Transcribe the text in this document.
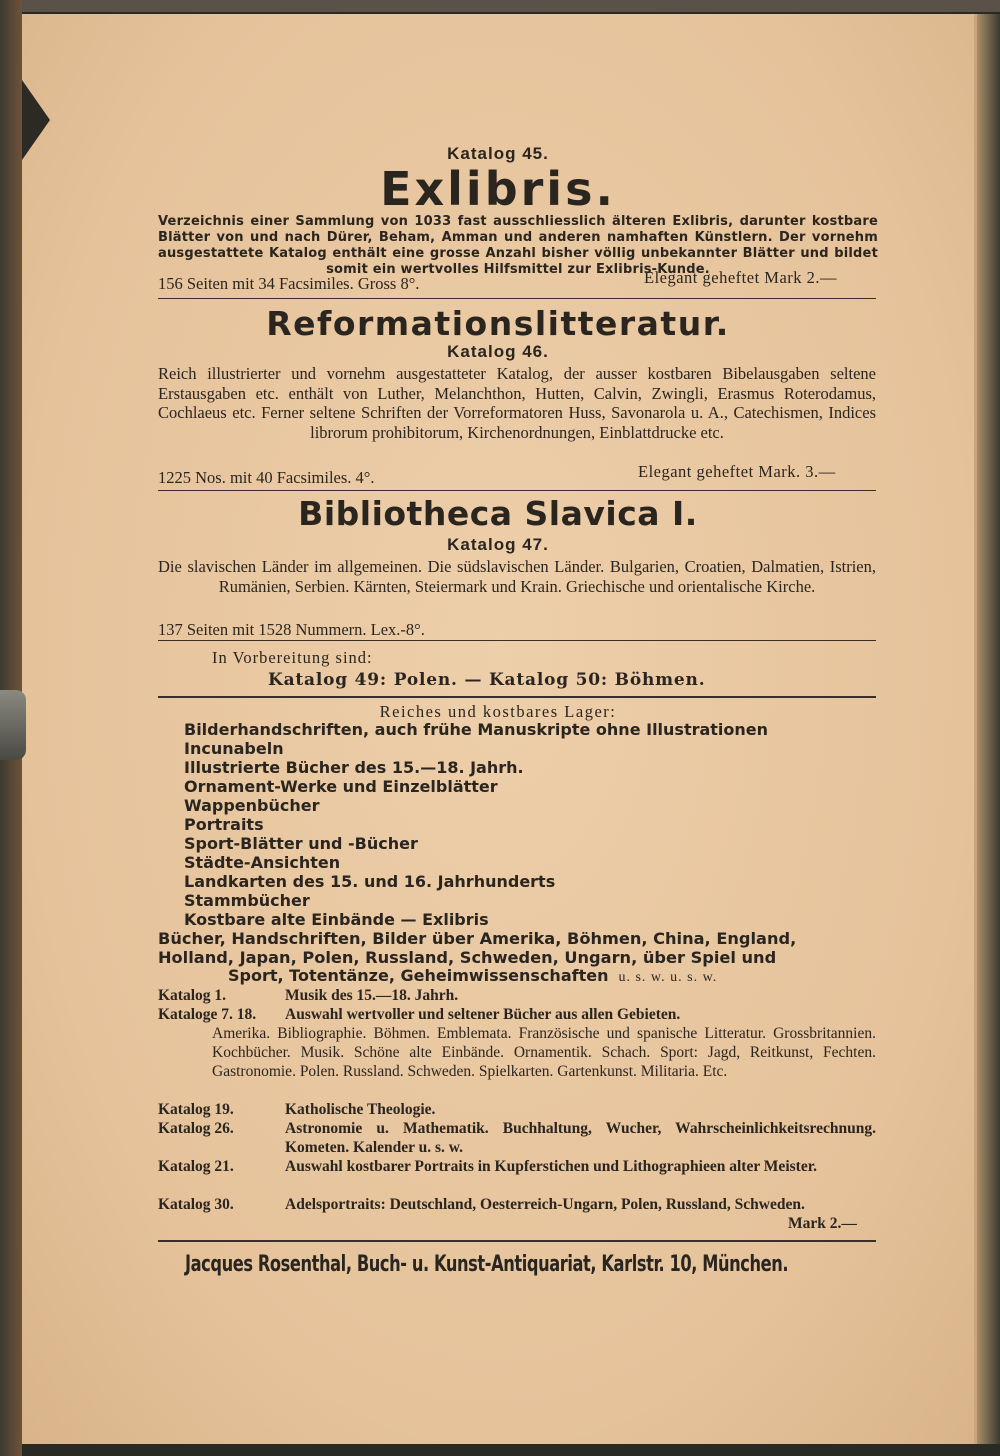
Katalog 45.
Exlibris.
Verzeichnis einer Sammlung von 1033 fast ausschliesslich älteren Exlibris, darunter kostbare Blätter von und nach Dürer, Beham, Amman und anderen namhaften Künstlern. Der vornehm ausgestattete Katalog enthält eine grosse Anzahl bisher völlig unbekannter Blätter und bildet somit ein wertvolles Hilfsmittel zur Exlibris-Kunde.
156 Seiten mit 34 Facsimiles. Gross 8°.	Elegant geheftet Mark 2.—
Reformationslitteratur.
Katalog 46.
Reich illustrierter und vornehm ausgestatteter Katalog, der ausser kostbaren Bibelausgaben seltene Erstausgaben etc. enthält von Luther, Melanchthon, Hutten, Calvin, Zwingli, Erasmus Roterodamus, Cochlaeus etc. Ferner seltene Schriften der Vorreformatoren Huss, Savonarola u. A., Catechismen, Indices librorum prohibitorum, Kirchenordnungen, Einblattdrucke etc.
1225 Nos. mit 40 Facsimiles. 4°.	Elegant geheftet Mark. 3.—
Bibliotheca Slavica I.
Katalog 47.
Die slavischen Länder im allgemeinen. Die südslavischen Länder. Bulgarien, Croatien, Dalmatien, Istrien, Rumänien, Serbien. Kärnten, Steiermark und Krain. Griechische und orientalische Kirche.
137 Seiten mit 1528 Nummern. Lex.-8°.
In Vorbereitung sind:
Katalog 49: Polen. — Katalog 50: Böhmen.
Reiches und kostbares Lager:
Bilderhandschriften, auch frühe Manuskripte ohne Illustrationen
Incunabeln
Illustrierte Bücher des 15.—18. Jahrh.
Ornament-Werke und Einzelblätter
Wappenbücher
Portraits
Sport-Blätter und -Bücher
Städte-Ansichten
Landkarten des 15. und 16. Jahrhunderts
Stammbücher
Kostbare alte Einbände — Exlibris
Bücher, Handschriften, Bilder über Amerika, Böhmen, China, England,
Holland, Japan, Polen, Russland, Schweden, Ungarn, über Spiel und
Sport, Totentänze, Geheimwissenschaften u. s. w. u. s. w.
Katalog 1.	Musik des 15.—18. Jahrh.
Kataloge 7. 18. Auswahl wertvoller und seltener Bücher aus allen Gebieten.
Amerika. Bibliographie. Böhmen. Emblemata. Französische und spanische Litteratur. Grossbritannien. Kochbücher. Musik. Schöne alte Einbände. Ornamentik. Schach. Sport: Jagd, Reitkunst, Fechten. Gastronomie. Polen. Russland. Schweden. Spielkarten. Gartenkunst. Militaria. Etc.
Katalog 19.	Katholische Theologie.
Katalog 26.	Astronomie u. Mathematik. Buchhaltung, Wucher, Wahrscheinlichkeitsrechnung. Kometen. Kalender u. s. w.
Katalog 21.	Auswahl kostbarer Portraits in Kupferstichen und Lithographieen alter Meister.
Katalog 30.	Adelsportraits: Deutschland, Oesterreich-Ungarn, Polen, Russland, Schweden.
Mark 2.—
Jacques Rosenthal, Buch- u. Kunst-Antiquariat, Karlstr. 10, München.
